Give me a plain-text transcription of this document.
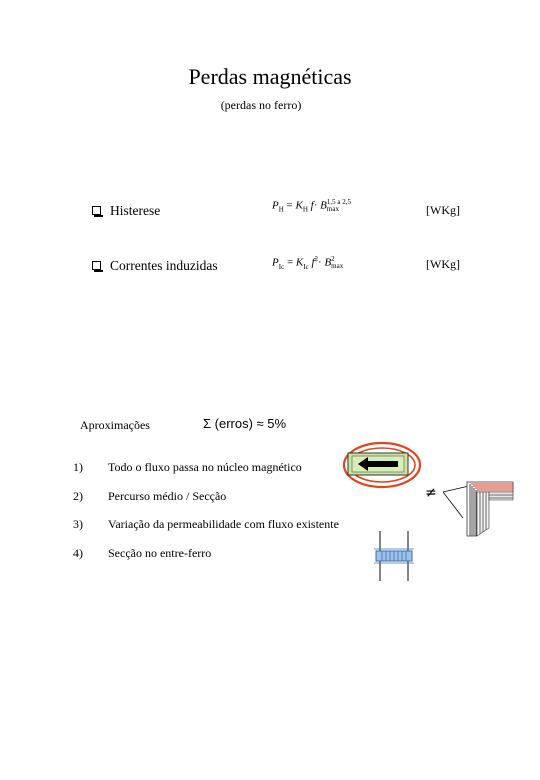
Perdas magnéticas
(perdas no ferro)
Histerese	$P_H = K_H$ f· B 1,5 a 2,5
max	[WKg]
Correntes induzidas	$P_{Ic} = K_{Ic}$ $f^2\cdot B$ 2
max	[WKg]
Aproximações	Σ (erros) ≈ 5%
1) Todo o fluxo passa no núcleo magnético
2) Percurso médio / Secção
3) Variação da permeabilidade com fluxo existente
4) Secção no entre-ferro
≠
